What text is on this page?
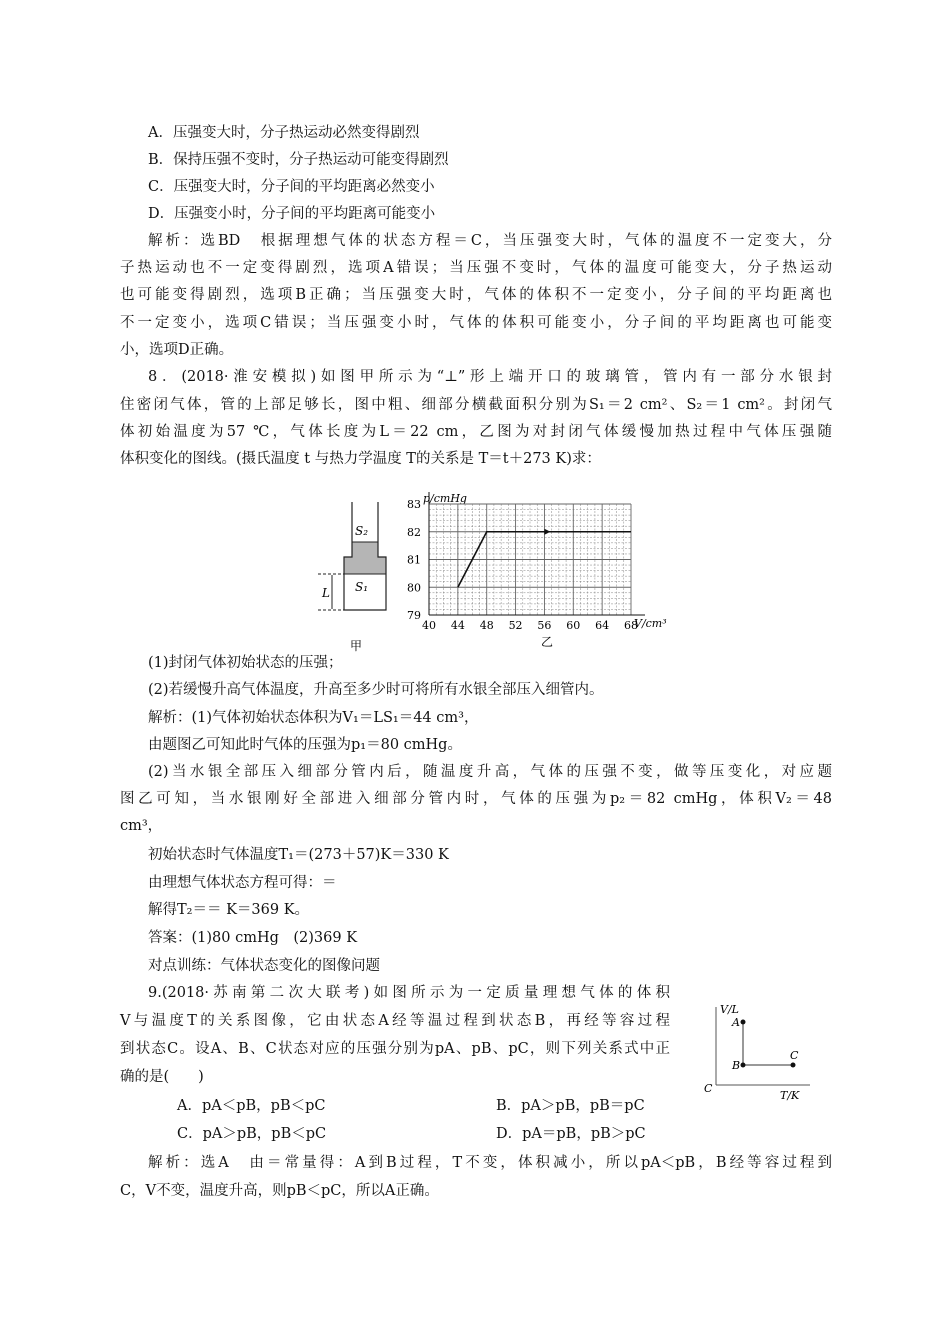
A．压强变大时，分子热运动必然变得剧烈
B．保持压强不变时，分子热运动可能变得剧烈
C．压强变大时，分子间的平均距离必然变小
D．压强变小时，分子间的平均距离可能变小
解析：选BD　根据理想气体的状态方程＝C，当压强变大时，气体的温度不一定变大，分
子热运动也不一定变得剧烈，选项A错误；当压强不变时，气体的温度可能变大，分子热运动
也可能变得剧烈，选项B正确；当压强变大时，气体的体积不一定变小，分子间的平均距离也
不一定变小，选项C错误；当压强变小时，气体的体积可能变小，分子间的平均距离也可能变
小，选项D正确。
8．(2018·淮安模拟)如图甲所示为“⊥”形上端开口的玻璃管，管内有一部分水银封
住密闭气体，管的上部足够长，图中粗、细部分横截面积分别为S₁＝2 cm²、S₂＝1 cm²。封闭气
体初始温度为57 ℃，气体长度为L＝22 cm，乙图为对封闭气体缓慢加热过程中气体压强随
体积变化的图线。(摄氏温度 t 与热力学温度 T的关系是 T＝t＋273 K)求：
S₂
S₁
L
甲
p/cmHg
V/cm³
乙
79
80
81
82
83
40 44 48 52 56 60 64 68
(1)封闭气体初始状态的压强；
(2)若缓慢升高气体温度，升高至多少时可将所有水银全部压入细管内。
解析：(1)气体初始状态体积为V₁＝LS₁＝44 cm³，
由题图乙可知此时气体的压强为p₁＝80 cmHg。
(2)当水银全部压入细部分管内后，随温度升高，气体的压强不变，做等压变化，对应题
图乙可知，当水银刚好全部进入细部分管内时，气体的压强为p₂＝82 cmHg，体积V₂＝48
cm³，
初始状态时气体温度T₁＝(273＋57)K＝330 K
由理想气体状态方程可得：＝
解得T₂＝＝ K＝369 K。
答案：(1)80 cmHg　(2)369 K
对点训练：气体状态变化的图像问题
9.(2018·苏南第二次大联考)如图所示为一定质量理想气体的体积
V与温度T的关系图像，它由状态A经等温过程到状态B，再经等容过程
到状态C。设A、B、C状态对应的压强分别为pA、pB、pC，则下列关系式中正
确的是(　　)
V/L
T/K
C
A
B
C
A．pA＜pB，pB＜pC	B．pA＞pB，pB＝pC
C．pA＞pB，pB＜pC	D．pA＝pB，pB＞pC
解析：选A　由＝常量得：A到B过程，T不变，体积减小，所以pA＜pB，B经等容过程到
C，V不变，温度升高，则pB＜pC，所以A正确。
